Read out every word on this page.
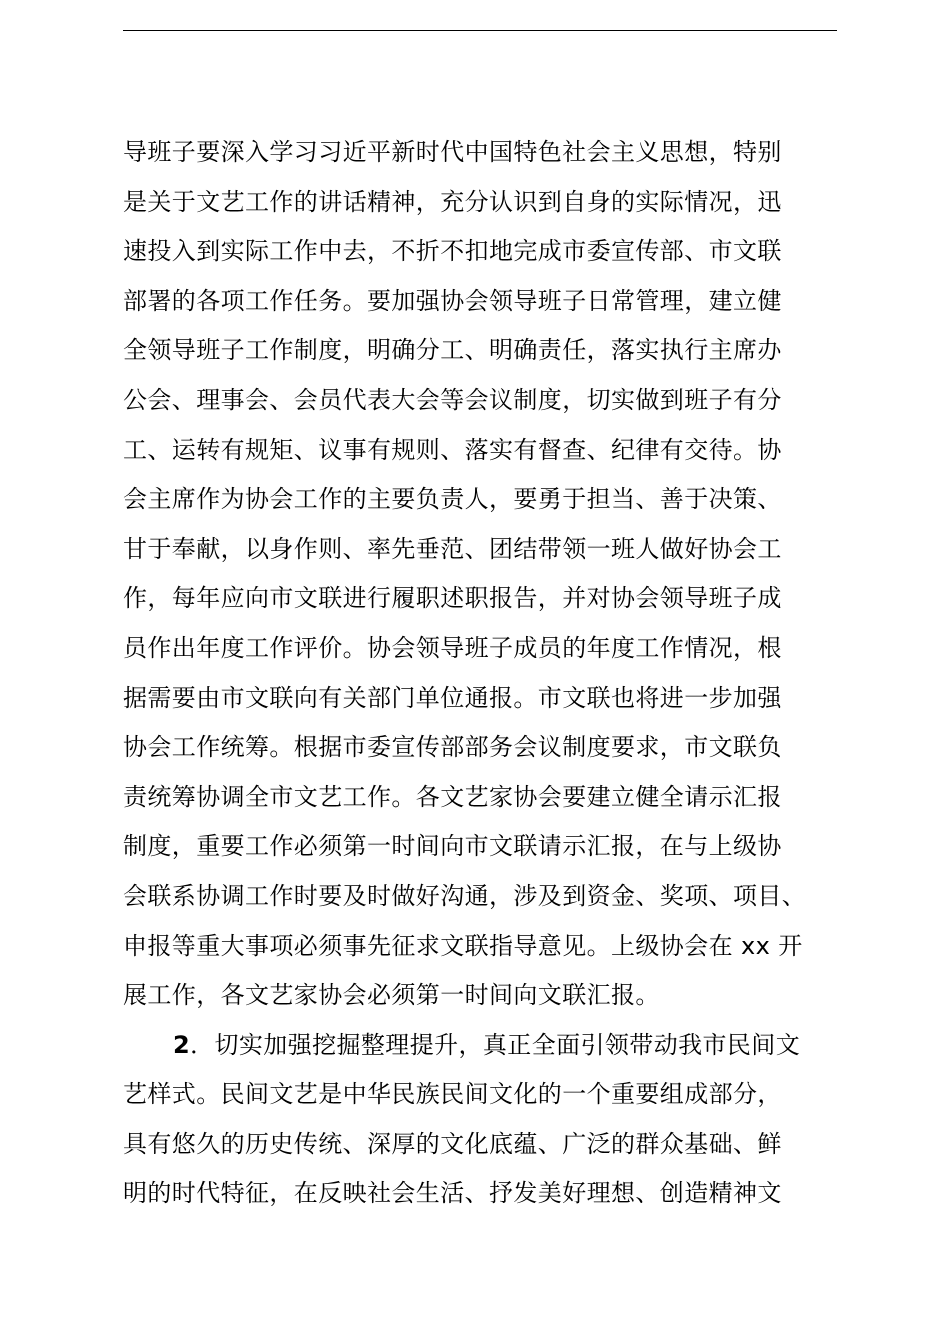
导班子要深入学习习近平新时代中国特色社会主义思想，特别
是关于文艺工作的讲话精神，充分认识到自身的实际情况，迅
速投入到实际工作中去，不折不扣地完成市委宣传部、市文联
部署的各项工作任务。要加强协会领导班子日常管理，建立健
全领导班子工作制度，明确分工、明确责任，落实执行主席办
公会、理事会、会员代表大会等会议制度，切实做到班子有分
工、运转有规矩、议事有规则、落实有督查、纪律有交待。协
会主席作为协会工作的主要负责人，要勇于担当、善于决策、
甘于奉献，以身作则、率先垂范、团结带领一班人做好协会工
作，每年应向市文联进行履职述职报告，并对协会领导班子成
员作出年度工作评价。协会领导班子成员的年度工作情况，根
据需要由市文联向有关部门单位通报。市文联也将进一步加强
协会工作统筹。根据市委宣传部部务会议制度要求，市文联负
责统筹协调全市文艺工作。各文艺家协会要建立健全请示汇报
制度，重要工作必须第一时间向市文联请示汇报，在与上级协
会联系协调工作时要及时做好沟通，涉及到资金、奖项、项目、
申报等重大事项必须事先征求文联指导意见。上级协会在 xx 开
展工作，各文艺家协会必须第一时间向文联汇报。
2．切实加强挖掘整理提升，真正全面引领带动我市民间文
艺样式。民间文艺是中华民族民间文化的一个重要组成部分，
具有悠久的历史传统、深厚的文化底蕴、广泛的群众基础、鲜
明的时代特征，在反映社会生活、抒发美好理想、创造精神文
